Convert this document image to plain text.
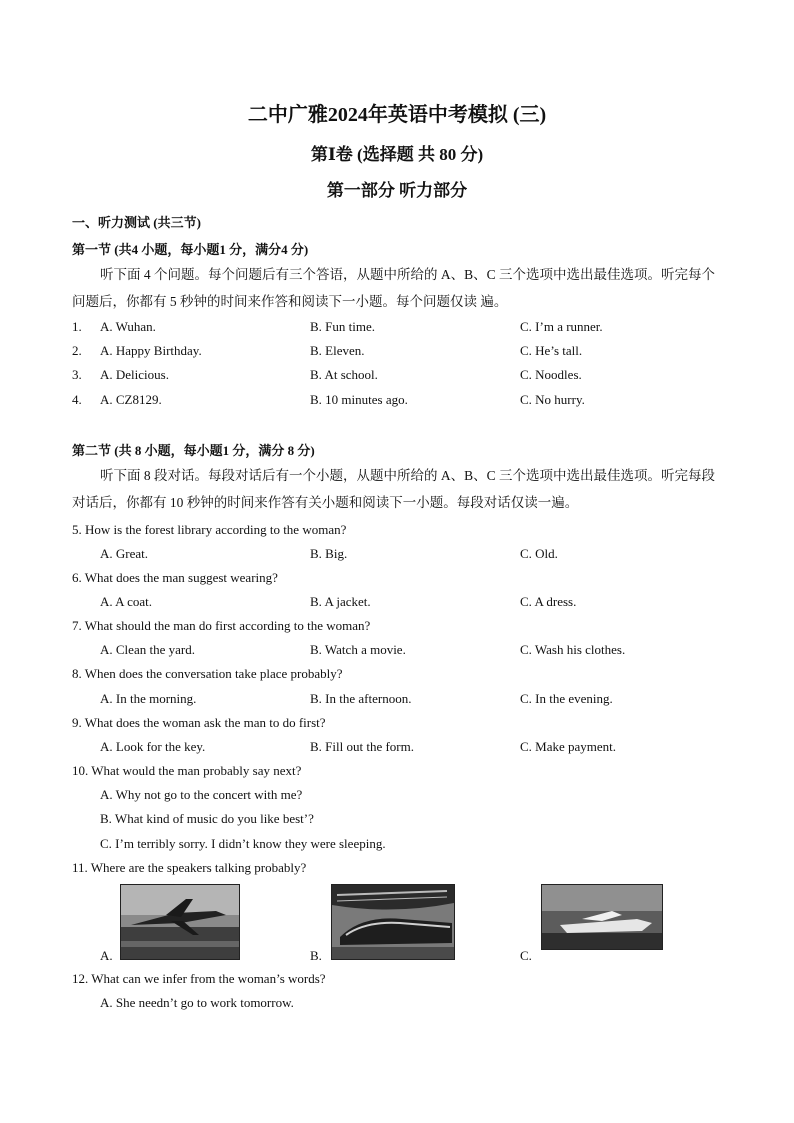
二中广雅2024年英语中考模拟 (三)
第Ⅰ卷 (选择题 共 80 分)
第一部分 听力部分
一、听力测试 (共三节)
第一节 (共4 小题，每小题1 分，满分4 分)
听下面 4 个问题。每个问题后有三个答语，从题中所给的 A、B、C 三个选项中选出最佳选项。听完每个问题后，你都有 5 秒钟的时间来作答和阅读下一小题。每个问题仅读 遍。
1. A. Wuhan.	B. Fun time.	C. I’m a runner.
2. A. Happy Birthday.	B. Eleven.	C. He’s tall.
3. A. Delicious.	B. At school.	C. Noodles.
4. A. CZ8129.	B. 10 minutes ago.	C. No hurry.
第二节 (共 8 小题，每小题1 分，满分 8 分)
听下面 8 段对话。每段对话后有一个小题，从题中所给的 A、B、C 三个选项中选出最佳选项。听完每段对话后，你都有 10 秒钟的时间来作答有关小题和阅读下一小题。每段对话仅读一遍。
5. How is the forest library according to the woman?
A. Great.	B. Big.	C. Old.
6. What does the man suggest wearing?
A. A coat.	B. A jacket.	C. A dress.
7. What should the man do first according to the woman?
A. Clean the yard.	B. Watch a movie.	C. Wash his clothes.
8. When does the conversation take place probably?
A. In the morning.	B. In the afternoon.	C. In the evening.
9. What does the woman ask the man to do first?
A. Look for the key.	B. Fill out the form.	C. Make payment.
10. What would the man probably say next?
A. Why not go to the concert with me?
B. What kind of music do you like best’?
C. I’m terribly sorry. I didn’t know they were sleeping.
11. Where are the speakers talking probably?
A.	B.	C.
12. What can we infer from the woman’s words?
A. She needn’t go to work tomorrow.
